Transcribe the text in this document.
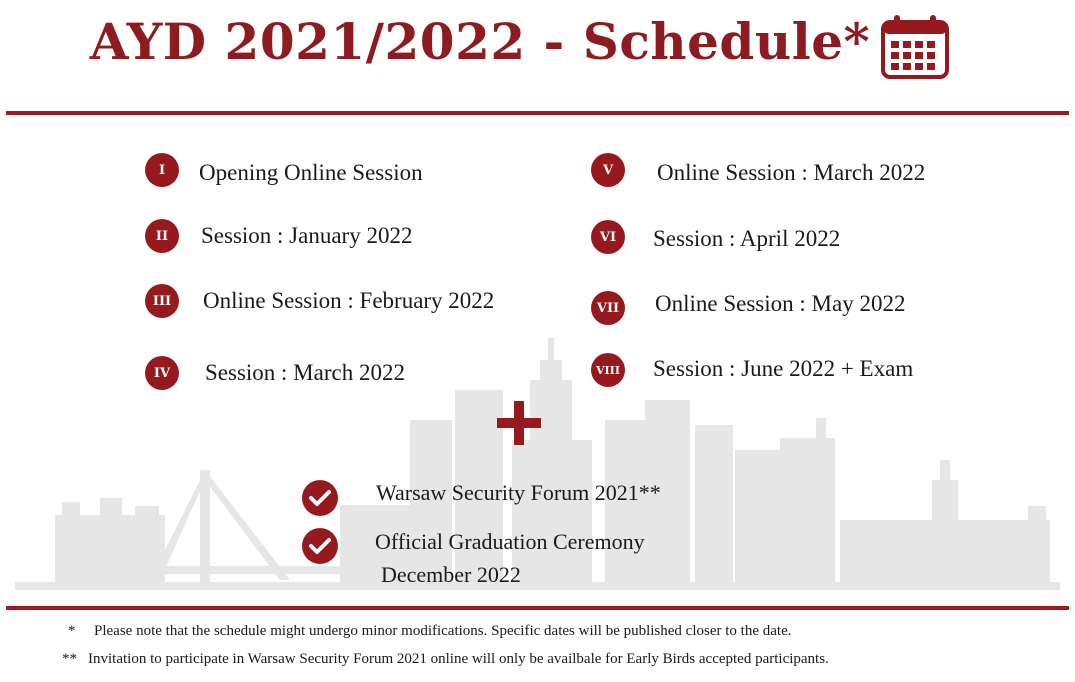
AYD 2021/2022 - Schedule*
I Opening Online Session
II Session : January 2022
III Online Session : February 2022
IV Session : March 2022
V Online Session : March 2022
VI Session : April 2022
VII Online Session : May 2022
VIII Session : June 2022 + Exam
Warsaw Security Forum 2021**
Official Graduation Ceremony
December 2022
* Please note that the schedule might undergo minor modifications. Specific dates will be published closer to the date.
** Invitation to participate in Warsaw Security Forum 2021 online will only be availbale for Early Birds accepted participants.
